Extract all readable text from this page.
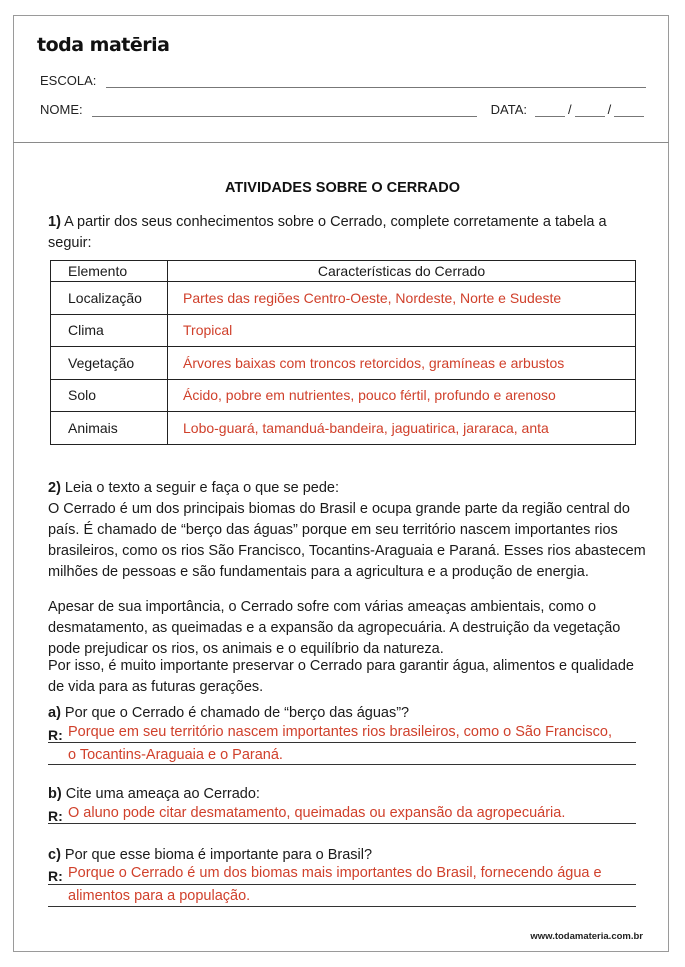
toda matēria
ESCOLA:
NOME:	DATA:	/	/
ATIVIDADES SOBRE O CERRADO
1) A partir dos seus conhecimentos sobre o Cerrado, complete corretamente a tabela a seguir:
Elemento	Características do Cerrado
Localização	Partes das regiões Centro-Oeste, Nordeste, Norte e Sudeste
Clima	Tropical
Vegetação	Árvores baixas com troncos retorcidos, gramíneas e arbustos
Solo	Ácido, pobre em nutrientes, pouco fértil, profundo e arenoso
Animais	Lobo-guará, tamanduá-bandeira, jaguatirica, jararaca, anta
2) Leia o texto a seguir e faça o que se pede:
O Cerrado é um dos principais biomas do Brasil e ocupa grande parte da região central do país. É chamado de “berço das águas” porque em seu território nascem importantes rios brasileiros, como os rios São Francisco, Tocantins-Araguaia e Paraná. Esses rios abastecem milhões de pessoas e são fundamentais para a agricultura e a produção de energia.
Apesar de sua importância, o Cerrado sofre com várias ameaças ambientais, como o desmatamento, as queimadas e a expansão da agropecuária. A destruição da vegetação pode prejudicar os rios, os animais e o equilíbrio da natureza.
Por isso, é muito importante preservar o Cerrado para garantir água, alimentos e qualidade de vida para as futuras gerações.
a) Por que o Cerrado é chamado de “berço das águas”?
R: Porque em seu território nascem importantes rios brasileiros, como o São Francisco,
o Tocantins-Araguaia e o Paraná.
b) Cite uma ameaça ao Cerrado:
R: O aluno pode citar desmatamento, queimadas ou expansão da agropecuária.
c) Por que esse bioma é importante para o Brasil?
R: Porque o Cerrado é um dos biomas mais importantes do Brasil, fornecendo água e
alimentos para a população.
www.todamateria.com.br
